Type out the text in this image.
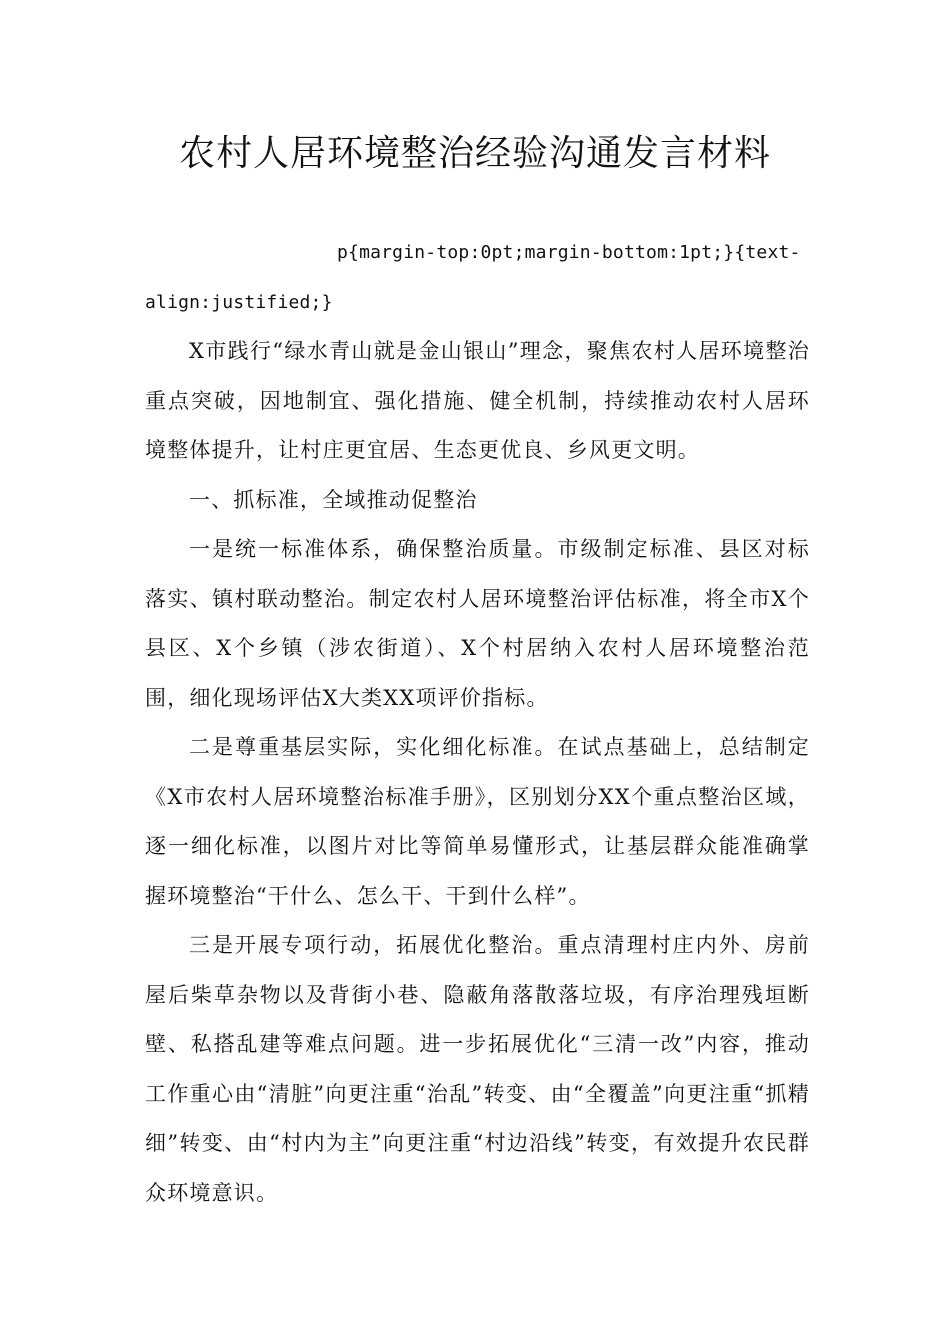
农村人居环境整治经验沟通发言材料

p{margin-top:0pt;margin-bottom:1pt;}{text-

align:justified;}

X市践行“绿水青山就是金山银山”理念，聚焦农村人居环境整治重点突破，因地制宜、强化措施、健全机制，持续推动农村人居环境整体提升，让村庄更宜居、生态更优良、乡风更文明。

一、抓标准，全域推动促整治

一是统一标准体系，确保整治质量。市级制定标准、县区对标落实、镇村联动整治。制定农村人居环境整治评估标准，将全市X个县区、X个乡镇（涉农街道）、X个村居纳入农村人居环境整治范围，细化现场评估X大类XX项评价指标。

二是尊重基层实际，实化细化标准。在试点基础上，总结制定《X市农村人居环境整治标准手册》，区别划分XX个重点整治区域，逐一细化标准，以图片对比等简单易懂形式，让基层群众能准确掌握环境整治“干什么、怎么干、干到什么样”。

三是开展专项行动，拓展优化整治。重点清理村庄内外、房前屋后柴草杂物以及背街小巷、隐蔽角落散落垃圾，有序治理残垣断壁、私搭乱建等难点问题。进一步拓展优化“三清一改”内容，推动工作重心由“清脏”向更注重“治乱”转变、由“全覆盖”向更注重“抓精细”转变、由“村内为主”向更注重“村边沿线”转变，有效提升农民群众环境意识。
